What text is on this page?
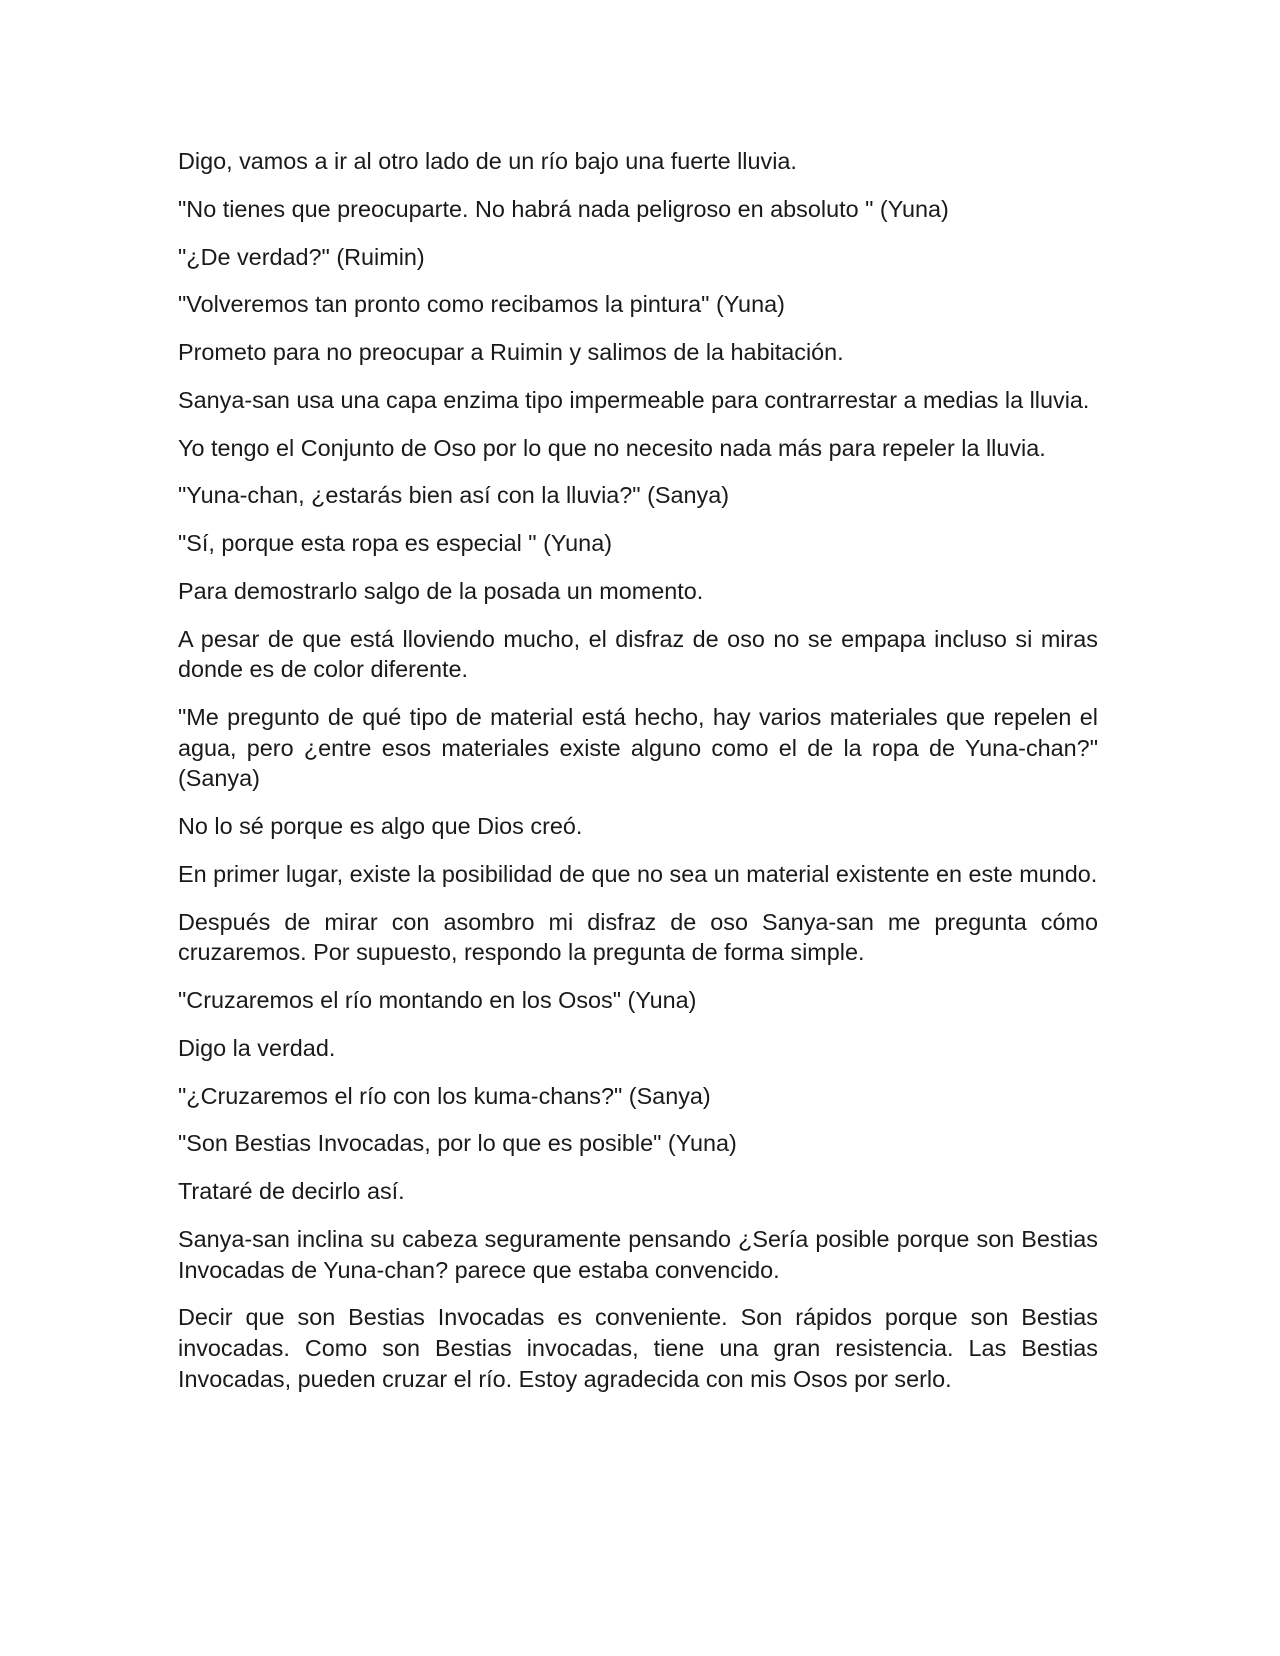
Digo, vamos a ir al otro lado de un río bajo una fuerte lluvia.

"No tienes que preocuparte. No habrá nada peligroso en absoluto " (Yuna)

"¿De verdad?" (Ruimin)

"Volveremos tan pronto como recibamos la pintura" (Yuna)

Prometo para no preocupar a Ruimin y salimos de la habitación.

Sanya-san usa una capa enzima tipo impermeable para contrarrestar a medias la lluvia.

Yo tengo el Conjunto de Oso por lo que no necesito nada más para repeler la lluvia.

"Yuna-chan, ¿estarás bien así con la lluvia?" (Sanya)

"Sí, porque esta ropa es especial " (Yuna)

Para demostrarlo salgo de la posada un momento.

A pesar de que está lloviendo mucho, el disfraz de oso no se empapa incluso si miras donde es de color diferente.

"Me pregunto de qué tipo de material está hecho, hay varios materiales que repelen el agua, pero ¿entre esos materiales existe alguno como el de la ropa de Yuna-chan?" (Sanya)

No lo sé porque es algo que Dios creó.

En primer lugar, existe la posibilidad de que no sea un material existente en este mundo.

Después de mirar con asombro mi disfraz de oso Sanya-san me pregunta cómo cruzaremos. Por supuesto, respondo la pregunta de forma simple.

"Cruzaremos el río montando en los Osos" (Yuna)

Digo la verdad.

"¿Cruzaremos el río con los kuma-chans?" (Sanya)

"Son Bestias Invocadas, por lo que es posible" (Yuna)

Trataré de decirlo así.

Sanya-san inclina su cabeza seguramente pensando ¿Sería posible porque son Bestias Invocadas de Yuna-chan? parece que estaba convencido.

Decir que son Bestias Invocadas es conveniente. Son rápidos porque son Bestias invocadas. Como son Bestias invocadas, tiene una gran resistencia. Las Bestias Invocadas, pueden cruzar el río. Estoy agradecida con mis Osos por serlo.
